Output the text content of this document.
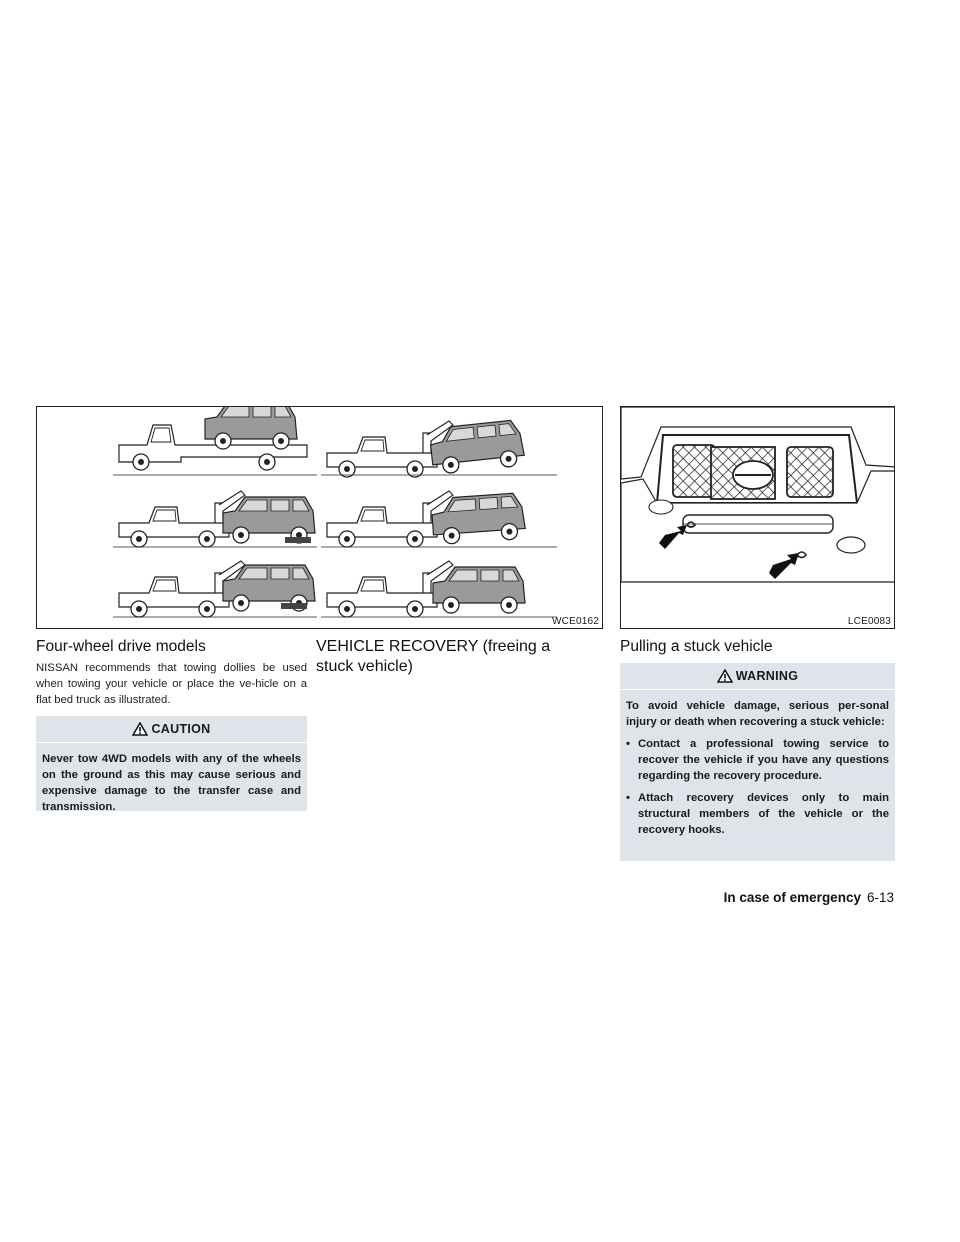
WCE0162	LCE0083
Four-wheel drive models
NISSAN recommends that towing dollies be used when towing your vehicle or place the ve-hicle on a flat bed truck as illustrated.
CAUTION
Never tow 4WD models with any of the wheels on the ground as this may cause serious and expensive damage to the transfer case and transmission.
VEHICLE RECOVERY (freeing a stuck vehicle)
Pulling a stuck vehicle
WARNING
To avoid vehicle damage, serious per-sonal injury or death when recovering a stuck vehicle:
• Contact a professional towing service to recover the vehicle if you have any questions regarding the recovery procedure.
• Attach recovery devices only to main structural members of the vehicle or the recovery hooks.
In case of emergency 6-13
